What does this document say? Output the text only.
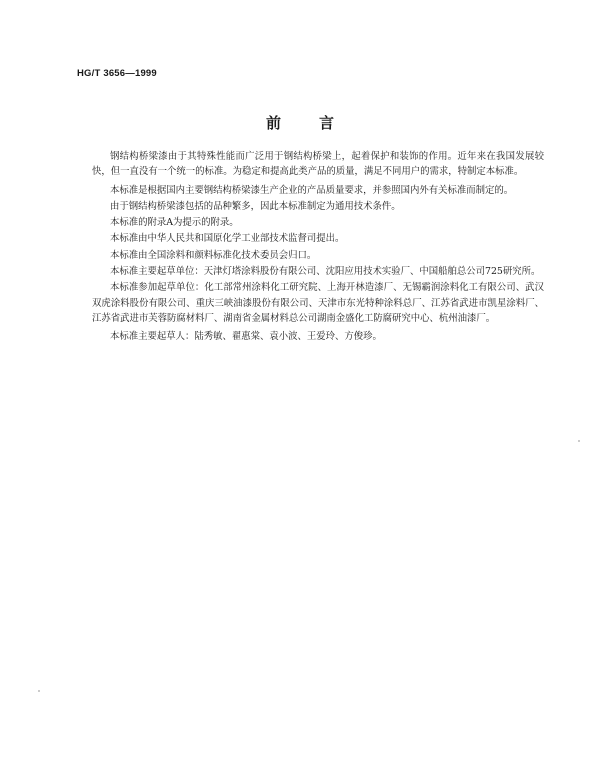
HG/T 3656—1999
前言

钢结构桥梁漆由于其特殊性能而广泛用于钢结构桥梁上，起着保护和装饰的作用。近年来在我国发展较快，但一直没有一个统一的标准。为稳定和提高此类产品的质量，满足不同用户的需求，特制定本标准。

本标准是根据国内主要钢结构桥梁漆生产企业的产品质量要求，并参照国内外有关标准而制定的。

由于钢结构桥梁漆包括的品种繁多，因此本标准制定为通用技术条件。

本标准的附录A为提示的附录。

本标准由中华人民共和国原化学工业部技术监督司提出。

本标准由全国涂料和颜料标准化技术委员会归口。

本标准主要起草单位：天津灯塔涂料股份有限公司、沈阳应用技术实验厂、中国船舶总公司725研究所。

本标准参加起草单位：化工部常州涂料化工研究院、上海开林造漆厂、无锡霸润涂料化工有限公司、武汉双虎涂料股份有限公司、重庆三峡油漆股份有限公司、天津市东光特种涂料总厂、江苏省武进市凯星涂料厂、江苏省武进市芙蓉防腐材料厂、湖南省金属材料总公司湖南金盛化工防腐研究中心、杭州油漆厂。

本标准主要起草人：陆秀敏、翟惠棠、袁小波、王爱玲、方俊珍。
